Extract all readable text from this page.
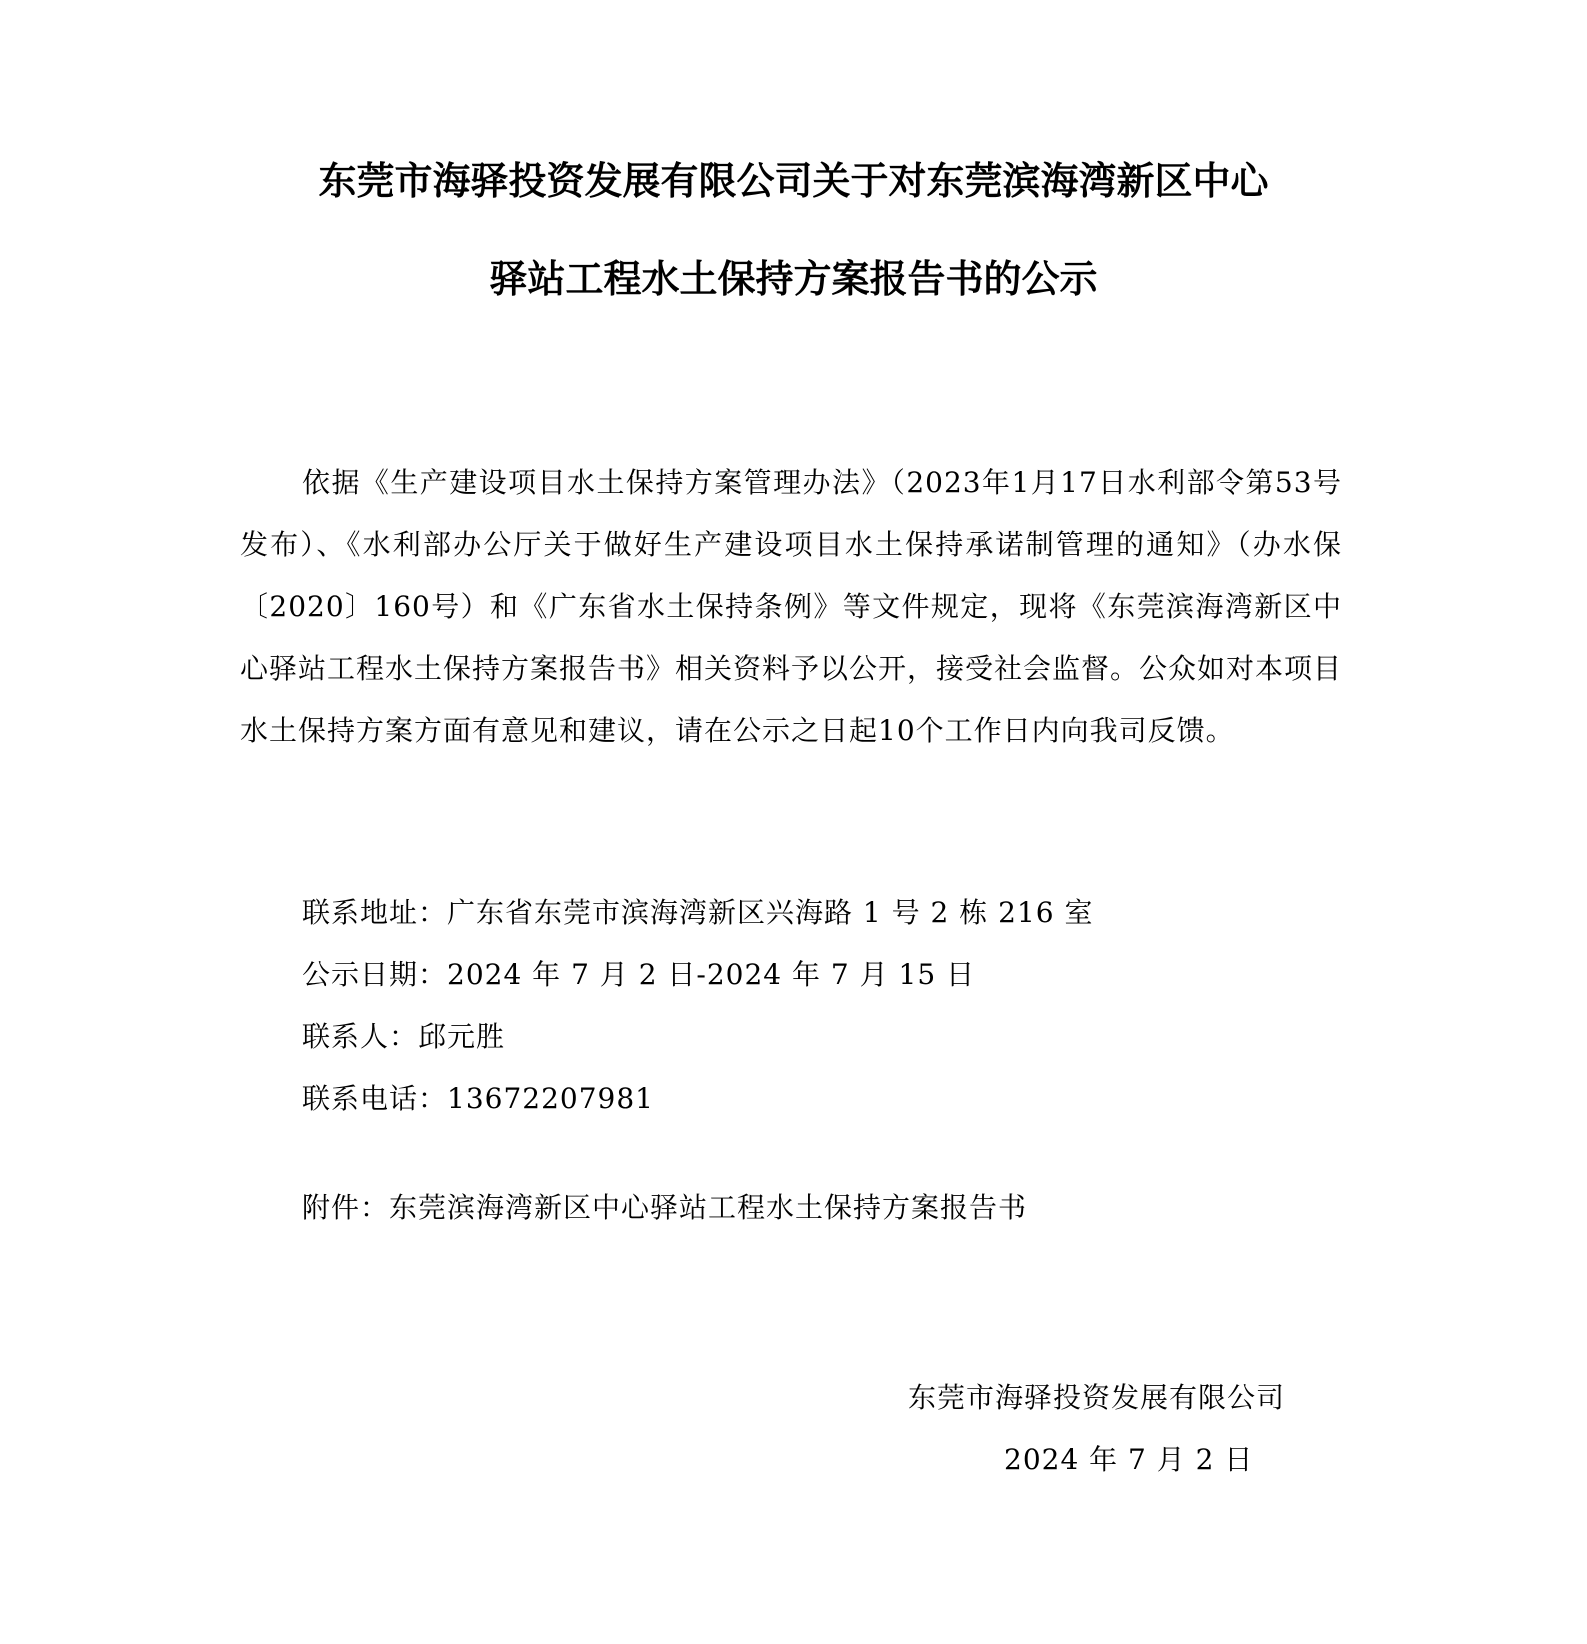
东莞市海驿投资发展有限公司关于对东莞滨海湾新区中心
驿站工程水土保持方案报告书的公示

依据《生产建设项目水土保持方案管理办法》（2023年1月17日水利部令第53号发布）、《水利部办公厅关于做好生产建设项目水土保持承诺制管理的通知》（办水保〔2020〕160号）和《广东省水土保持条例》等文件规定，现将《东莞滨海湾新区中心驿站工程水土保持方案报告书》相关资料予以公开，接受社会监督。公众如对本项目水土保持方案方面有意见和建议，请在公示之日起10个工作日内向我司反馈。

联系地址：广东省东莞市滨海湾新区兴海路 1 号 2 栋 216 室

公示日期：2024 年 7 月 2 日-2024 年 7 月 15 日

联系人：邱元胜

联系电话：13672207981

附件：东莞滨海湾新区中心驿站工程水土保持方案报告书

东莞市海驿投资发展有限公司

2024 年 7 月 2 日
